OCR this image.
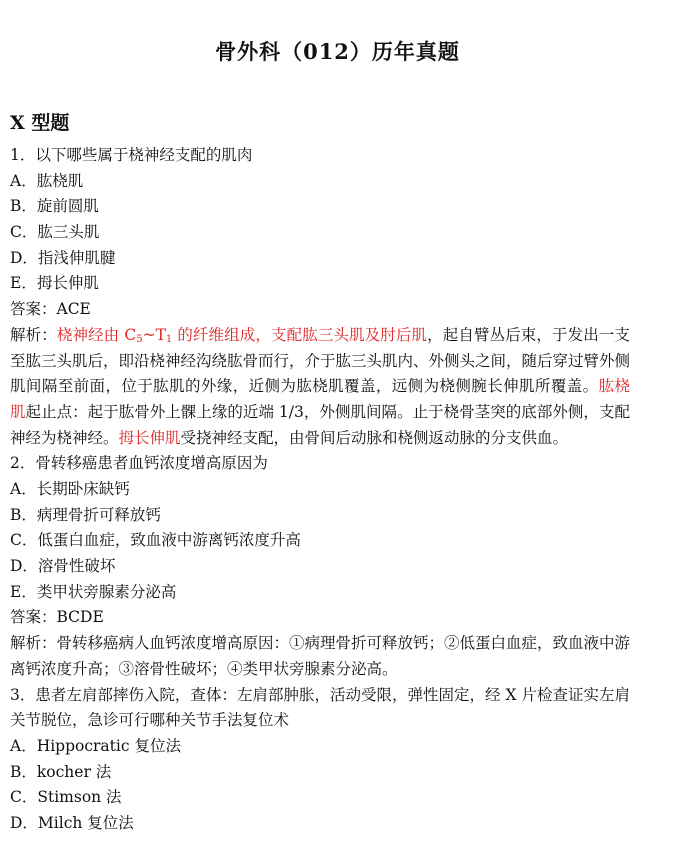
骨外科（012）历年真题
X 型题
1．以下哪些属于桡神经支配的肌肉
A．肱桡肌
B．旋前圆肌
C．肱三头肌
D．指浅伸肌腱
E．拇长伸肌
答案：ACE
解析：桡神经由 $C_5\sim T_1$ 的纤维组成，支配肱三头肌及肘后肌，起自臂丛后束，于发出一支至肱三头肌后，即沿桡神经沟绕肱骨而行，介于肱三头肌内、外侧头之间，随后穿过臂外侧肌间隔至前面，位于肱肌的外缘，近侧为肱桡肌覆盖，远侧为桡侧腕长伸肌所覆盖。肱桡肌起止点：起于肱骨外上髁上缘的近端 1/3，外侧肌间隔。止于桡骨茎突的底部外侧，支配神经为桡神经。拇长伸肌受挠神经支配，由骨间后动脉和桡侧返动脉的分支供血。
2．骨转移癌患者血钙浓度增高原因为
A．长期卧床缺钙
B．病理骨折可释放钙
C．低蛋白血症，致血液中游离钙浓度升高
D．溶骨性破坏
E．类甲状旁腺素分泌高
答案：BCDE
解析：骨转移癌病人血钙浓度增高原因：①病理骨折可释放钙；②低蛋白血症，致血液中游离钙浓度升高；③溶骨性破坏；④类甲状旁腺素分泌高。
3．患者左肩部摔伤入院，查体：左肩部肿胀，活动受限，弹性固定，经 X 片检查证实左肩关节脱位，急诊可行哪种关节手法复位术
A．Hippocratic 复位法
B．kocher 法
C．Stimson 法
D．Milch 复位法
